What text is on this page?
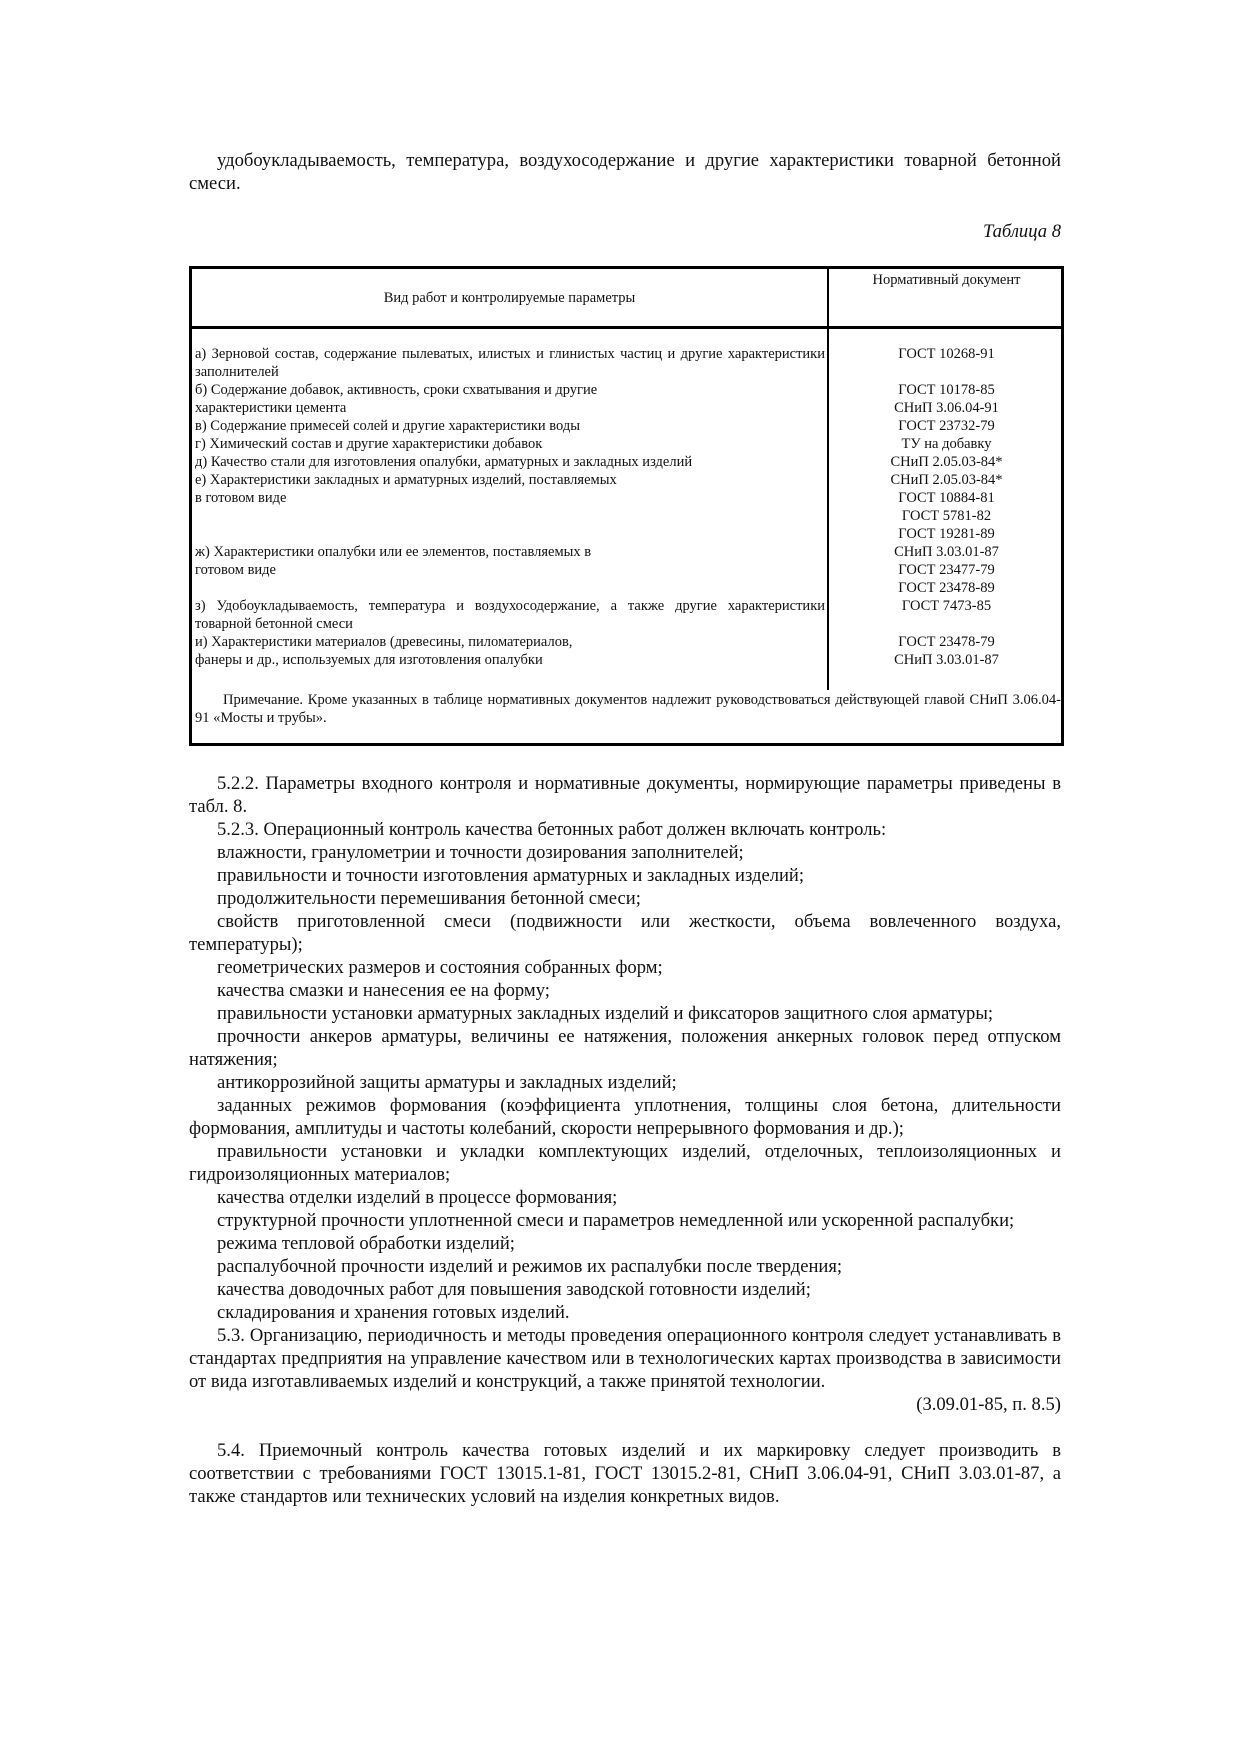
удобоукладываемость, температура, воздухосодержание и другие характеристики товарной бетонной смеси.

Таблица 8
Вид работ и контролируемые параметры
Нормативный документ
а) Зерновой состав, содержание пылеватых, илистых и глинистых частиц и другие характеристики заполнителей
б) Содержание добавок, активность, сроки схватывания и другие
характеристики цемента
в) Содержание примесей солей и другие характеристики воды
г) Химический состав и другие характеристики добавок
д) Качество стали для изготовления опалубки, арматурных и закладных изделий
е) Характеристики закладных и арматурных изделий, поставляемых
в готовом виде
ж) Характеристики опалубки или ее элементов, поставляемых в
готовом виде
з) Удобоукладываемость, температура и воздухосодержание, а также другие характеристики товарной бетонной смеси
и) Характеристики материалов (древесины, пиломатериалов,
фанеры и др., используемых для изготовления опалубки
ГОСТ 10268-91
ГОСТ 10178-85
СНиП 3.06.04-91
ГОСТ 23732-79
ТУ на добавку
СНиП 2.05.03-84*
СНиП 2.05.03-84*
ГОСТ 10884-81
ГОСТ 5781-82
ГОСТ 19281-89
СНиП 3.03.01-87
ГОСТ 23477-79
ГОСТ 23478-89
ГОСТ 7473-85
ГОСТ 23478-79
СНиП 3.03.01-87
Примечание. Кроме указанных в таблице нормативных документов надлежит руководствоваться действующей главой СНиП 3.06.04-91 «Мосты и трубы».

5.2.2. Параметры входного контроля и нормативные документы, нормирующие параметры приведены в табл. 8.

5.2.3. Операционный контроль качества бетонных работ должен включать контроль:

влажности, гранулометрии и точности дозирования заполнителей;

правильности и точности изготовления арматурных и закладных изделий;

продолжительности перемешивания бетонной смеси;

свойств приготовленной смеси (подвижности или жесткости, объема вовлеченного воздуха, температуры);

геометрических размеров и состояния собранных форм;

качества смазки и нанесения ее на форму;

правильности установки арматурных закладных изделий и фиксаторов защитного слоя арматуры;

прочности анкеров арматуры, величины ее натяжения, положения анкерных головок перед отпуском натяжения;

антикоррозийной защиты арматуры и закладных изделий;

заданных режимов формования (коэффициента уплотнения, толщины слоя бетона, длительности формования, амплитуды и частоты колебаний, скорости непрерывного формования и др.);

правильности установки и укладки комплектующих изделий, отделочных, теплоизоляционных и гидроизоляционных материалов;

качества отделки изделий в процессе формования;

структурной прочности уплотненной смеси и параметров немедленной или ускоренной распалубки;

режима тепловой обработки изделий;

распалубочной прочности изделий и режимов их распалубки после твердения;

качества доводочных работ для повышения заводской готовности изделий;

складирования и хранения готовых изделий.

5.3. Организацию, периодичность и методы проведения операционного контроля следует устанавливать в стандартах предприятия на управление качеством или в технологических картах производства в зависимости от вида изготавливаемых изделий и конструкций, а также принятой технологии.

(3.09.01-85, п. 8.5)

5.4. Приемочный контроль качества готовых изделий и их маркировку следует производить в соответствии с требованиями ГОСТ 13015.1-81, ГОСТ 13015.2-81, СНиП 3.06.04-91, СНиП 3.03.01-87, а также стандартов или технических условий на изделия конкретных видов.
